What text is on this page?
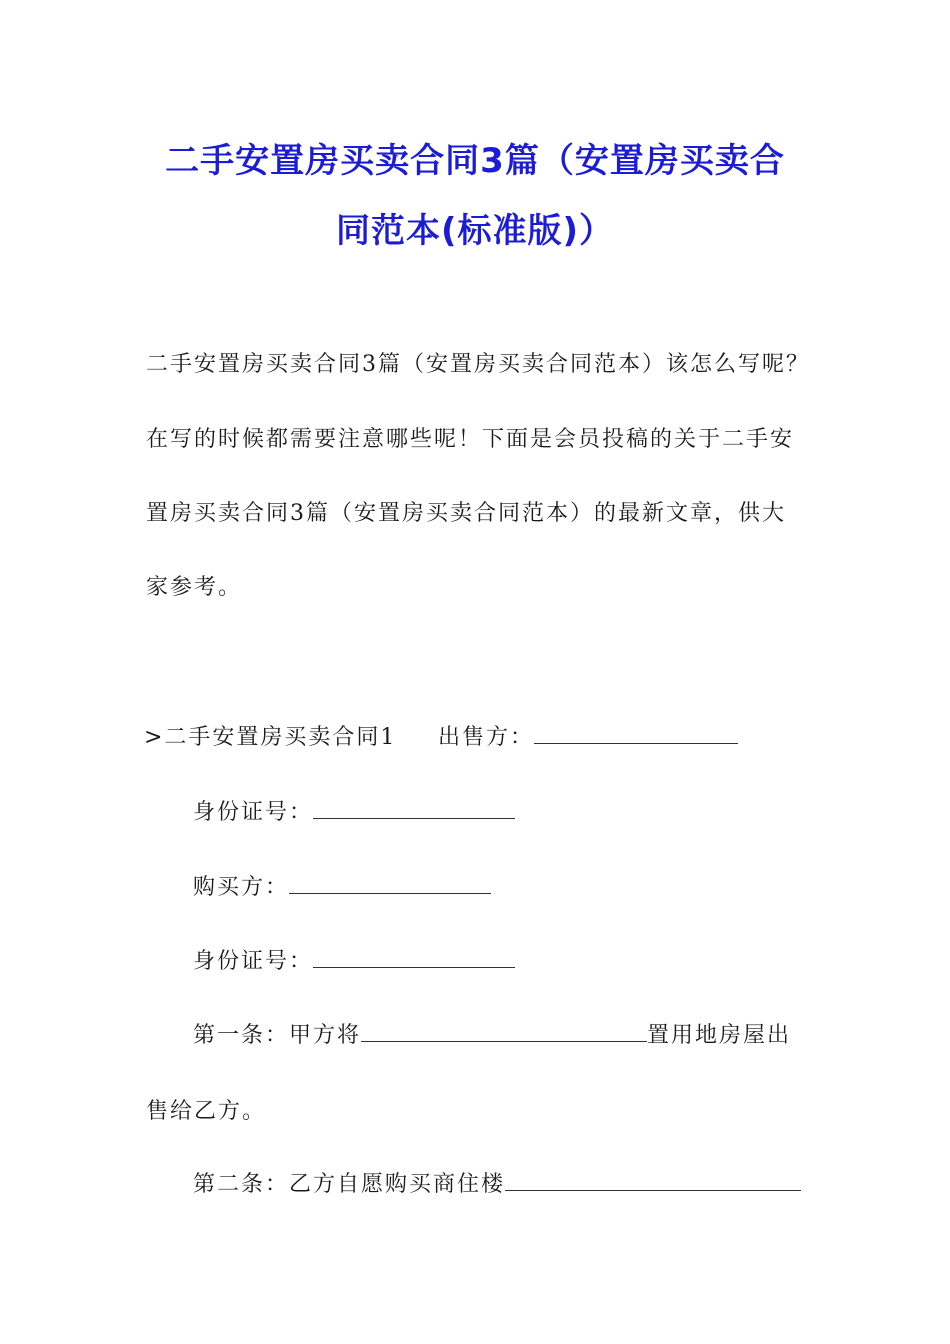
二手安置房买卖合同3篇（安置房买卖合
同范本(标准版)）
二手安置房买卖合同3篇（安置房买卖合同范本）该怎么写呢？
在写的时候都需要注意哪些呢！下面是会员投稿的关于二手安
置房买卖合同3篇（安置房买卖合同范本）的最新文章，供大
家参考。
>二手安置房买卖合同1 出售方：
身份证号：
购买方：
身份证号：
第一条：甲方将	置用地房屋出
售给乙方。
第二条：乙方自愿购买商住楼
